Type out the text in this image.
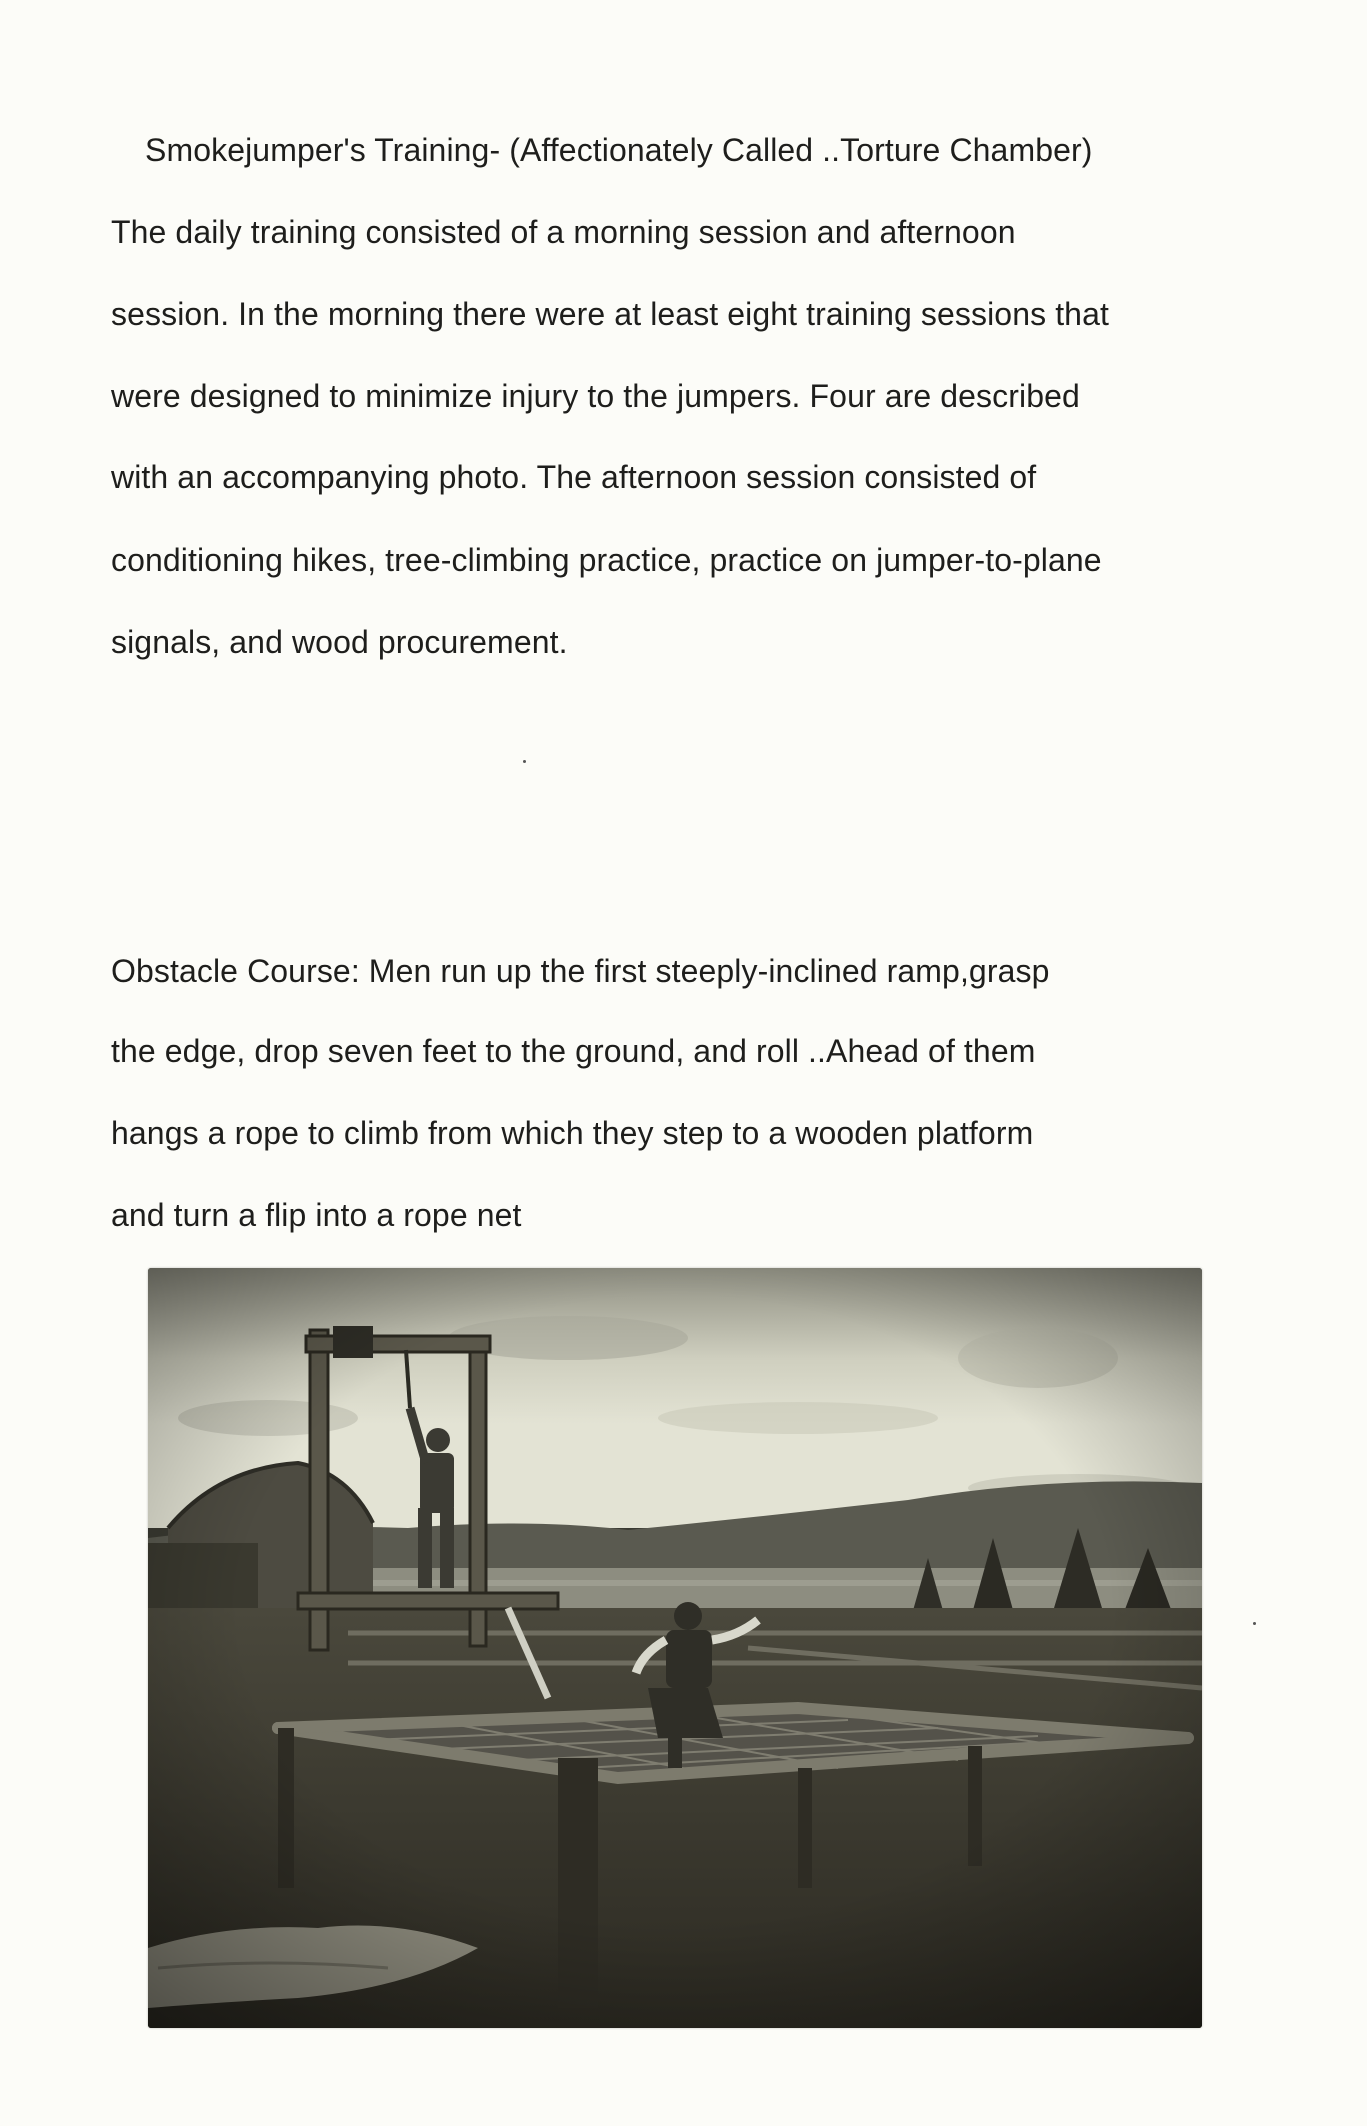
Smokejumper's Training- (Affectionately Called ..Torture Chamber)
The daily training consisted of a morning session and afternoon
session. In the morning there were at least eight training sessions that
were designed to minimize injury to the jumpers. Four are described
with an accompanying photo. The afternoon session consisted of
conditioning hikes, tree-climbing practice, practice on jumper-to-plane
signals, and wood procurement.
Obstacle Course: Men run up the first steeply-inclined ramp,grasp
the edge, drop seven feet to the ground, and roll ..Ahead of them
hangs a rope to climb from which they step to a wooden platform
and turn a flip into a rope net
